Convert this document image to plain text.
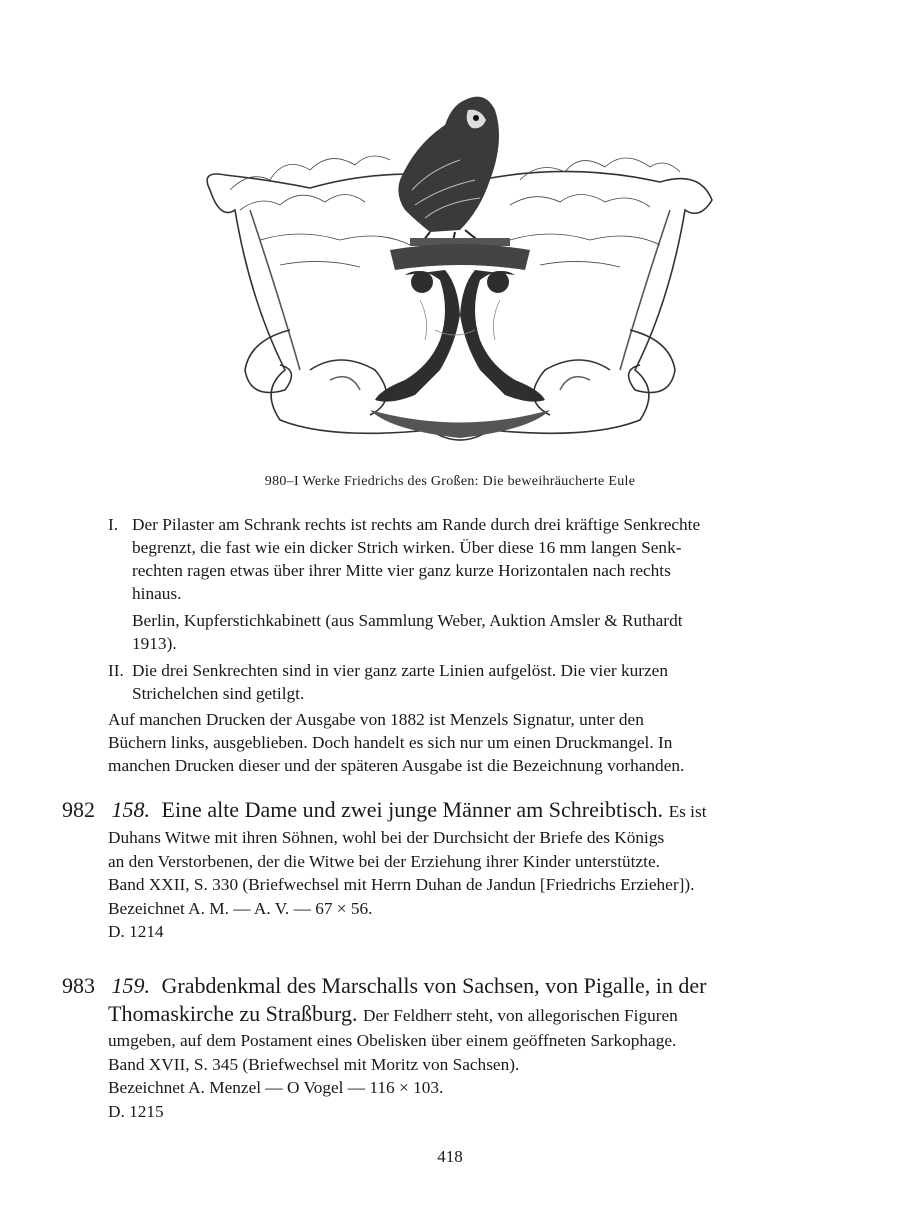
980–I Werke Friedrichs des Großen: Die beweihräucherte Eule
I. Der Pilaster am Schrank rechts ist rechts am Rande durch drei kräftige Senkrechte
begrenzt, die fast wie ein dicker Strich wirken. Über diese 16 mm langen Senk-
rechten ragen etwas über ihrer Mitte vier ganz kurze Horizontalen nach rechts
hinaus.
Berlin, Kupferstichkabinett (aus Sammlung Weber, Auktion Amsler & Ruthardt
1913).
II. Die drei Senkrechten sind in vier ganz zarte Linien aufgelöst. Die vier kurzen
Strichelchen sind getilgt.
Auf manchen Drucken der Ausgabe von 1882 ist Menzels Signatur, unter den
Büchern links, ausgeblieben. Doch handelt es sich nur um einen Druckmangel. In
manchen Drucken dieser und der späteren Ausgabe ist die Bezeichnung vorhanden.
982 158. Eine alte Dame und zwei junge Männer am Schreibtisch. Es ist
Duhans Witwe mit ihren Söhnen, wohl bei der Durchsicht der Briefe des Königs
an den Verstorbenen, der die Witwe bei der Erziehung ihrer Kinder unterstützte.
Band XXII, S. 330 (Briefwechsel mit Herrn Duhan de Jandun [Friedrichs Erzieher]).
Bezeichnet A. M. — A. V. — 67 × 56.
D. 1214
983 159. Grabdenkmal des Marschalls von Sachsen, von Pigalle, in der
Thomaskirche zu Straßburg. Der Feldherr steht, von allegorischen Figuren
umgeben, auf dem Postament eines Obelisken über einem geöffneten Sarkophage.
Band XVII, S. 345 (Briefwechsel mit Moritz von Sachsen).
Bezeichnet A. Menzel — O Vogel — 116 × 103.
D. 1215
418
